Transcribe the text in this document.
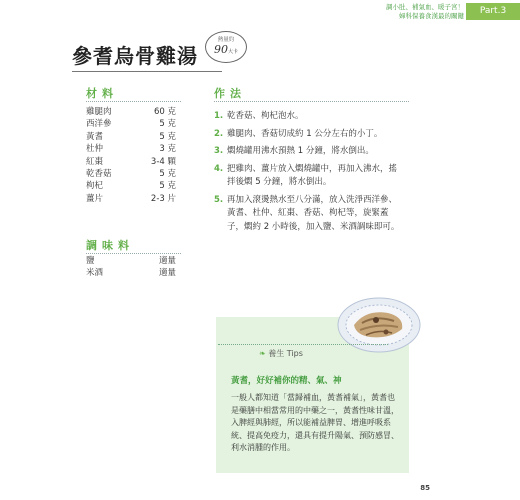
調小肚、補氣血、暖子宮！
婦科保養食漢最的關鍵	Part.3
參耆烏骨雞湯
熱量約
90大卡
材料
雞腿肉	60 克
西洋參	5 克
黃耆	5 克
杜仲	3 克
紅棗	3-4 顆
乾香菇	5 克
枸杞	5 克
薑片	2-3 片
調味料
鹽	適量
米酒	適量
作法
1. 乾香菇、枸杞泡水。
2. 雞腿肉、香菇切成約 1 公分左右的小丁。
3. 燜燒罐用沸水預熱 1 分鐘，將水倒出。
4. 把雞肉、薑片放入燜燒罐中，再加入沸水，搖拌後燜 5 分鐘，將水倒出。
5. 再加入滾燙熱水至八分滿，放入洗淨西洋參、黃耆、杜仲、紅棗、香菇、枸杞等，旋緊蓋子，燜約 2 小時後，加入鹽、米酒調味即可。
❧ 養生 Tips
黃耆，好好補你的精、氣、神
一般人都知道「當歸補血，黃耆補氣」，黃耆也是藥膳中相當常用的中藥之一，黃耆性味甘溫，入脾經與肺經，所以能補益脾胃、增進呼吸系統、提高免疫力，還具有提升陽氣、預防感冒、利水消腫的作用。
85
